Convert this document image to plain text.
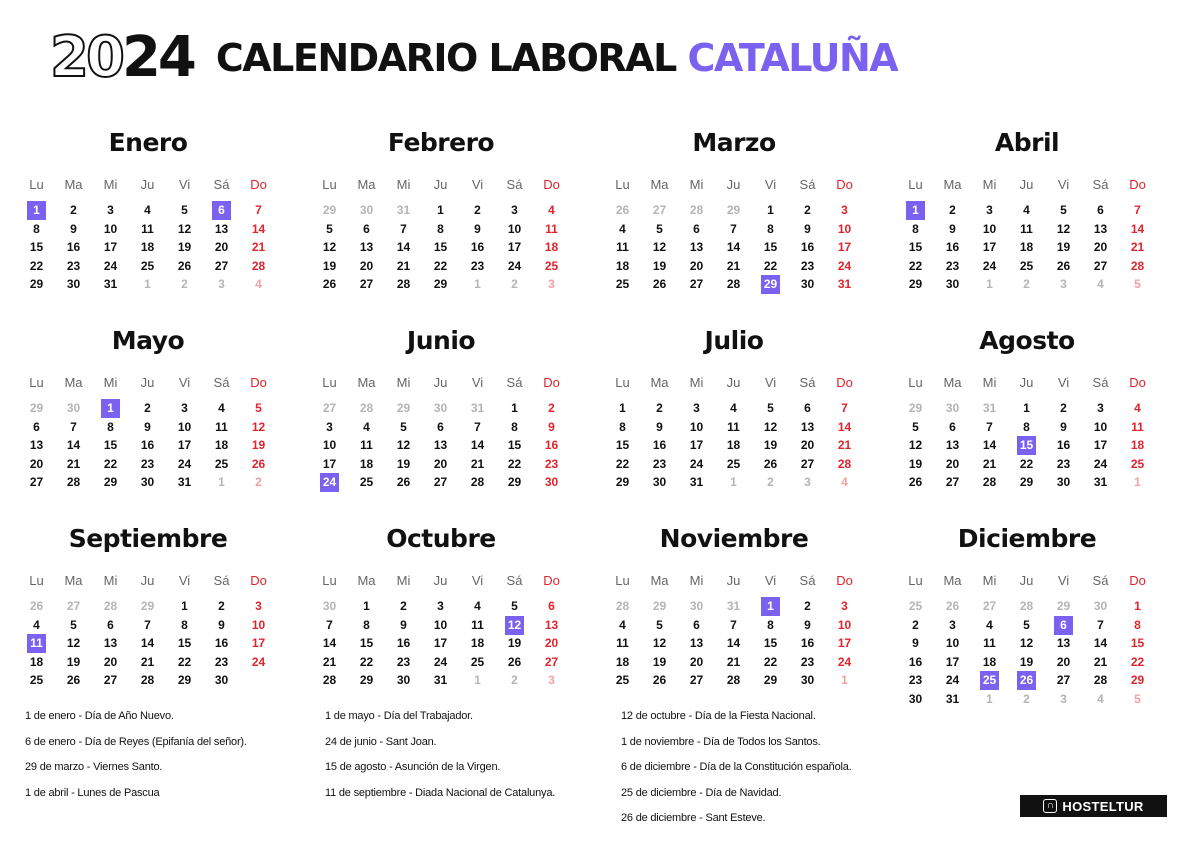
2024 CALENDARIO LABORAL CATALUÑA
Enero
Lu	Ma	Mi	Ju	Vi	Sá	Do
1	2	3	4	5	6	7
8	9	10	11	12	13	14
15	16	17	18	19	20	21
22	23	24	25	26	27	28
29	30	31	1	2	3	4
Febrero
Lu	Ma	Mi	Ju	Vi	Sá	Do
29	30	31	1	2	3	4
5	6	7	8	9	10	11
12	13	14	15	16	17	18
19	20	21	22	23	24	25
26	27	28	29	1	2	3
Marzo
Lu	Ma	Mi	Ju	Vi	Sá	Do
26	27	28	29	1	2	3
4	5	6	7	8	9	10
11	12	13	14	15	16	17
18	19	20	21	22	23	24
25	26	27	28	29	30	31
Abril
Lu	Ma	Mi	Ju	Vi	Sá	Do
1	2	3	4	5	6	7
8	9	10	11	12	13	14
15	16	17	18	19	20	21
22	23	24	25	26	27	28
29	30	1	2	3	4	5
Mayo
Lu	Ma	Mi	Ju	Vi	Sá	Do
29	30	1	2	3	4	5
6	7	8	9	10	11	12
13	14	15	16	17	18	19
20	21	22	23	24	25	26
27	28	29	30	31	1	2
Junio
Lu	Ma	Mi	Ju	Vi	Sá	Do
27	28	29	30	31	1	2
3	4	5	6	7	8	9
10	11	12	13	14	15	16
17	18	19	20	21	22	23
24	25	26	27	28	29	30
Julio
Lu	Ma	Mi	Ju	Vi	Sá	Do
1	2	3	4	5	6	7
8	9	10	11	12	13	14
15	16	17	18	19	20	21
22	23	24	25	26	27	28
29	30	31	1	2	3	4
Agosto
Lu	Ma	Mi	Ju	Vi	Sá	Do
29	30	31	1	2	3	4
5	6	7	8	9	10	11
12	13	14	15	16	17	18
19	20	21	22	23	24	25
26	27	28	29	30	31	1
Septiembre
Lu	Ma	Mi	Ju	Vi	Sá	Do
26	27	28	29	1	2	3
4	5	6	7	8	9	10
11	12	13	14	15	16	17
18	19	20	21	22	23	24
25	26	27	28	29	30
Octubre
Lu	Ma	Mi	Ju	Vi	Sá	Do
30	1	2	3	4	5	6
7	8	9	10	11	12	13
14	15	16	17	18	19	20
21	22	23	24	25	26	27
28	29	30	31	1	2	3
Noviembre
Lu	Ma	Mi	Ju	Vi	Sá	Do
28	29	30	31	1	2	3
4	5	6	7	8	9	10
11	12	13	14	15	16	17
18	19	20	21	22	23	24
25	26	27	28	29	30	1
Diciembre
Lu	Ma	Mi	Ju	Vi	Sá	Do
25	26	27	28	29	30	1
2	3	4	5	6	7	8
9	10	11	12	13	14	15
16	17	18	19	20	21	22
23	24	25	26	27	28	29
30	31	1	2	3	4	5
1 de enero - Día de Año Nuevo.
6 de enero - Día de Reyes (Epifanía del señor).
29 de marzo - Viernes Santo.
1 de abril - Lunes de Pascua
1 de mayo - Día del Trabajador.
24 de junio - Sant Joan.
15 de agosto - Asunción de la Virgen.
11 de septiembre - Diada Nacional de Catalunya.
12 de octubre - Día de la Fiesta Nacional.
1 de noviembre - Día de Todos los Santos.
6 de diciembre - Día de la Constitución española.
25 de diciembre - Día de Navidad.
26 de diciembre - Sant Esteve.
∩ HOSTELTUR
